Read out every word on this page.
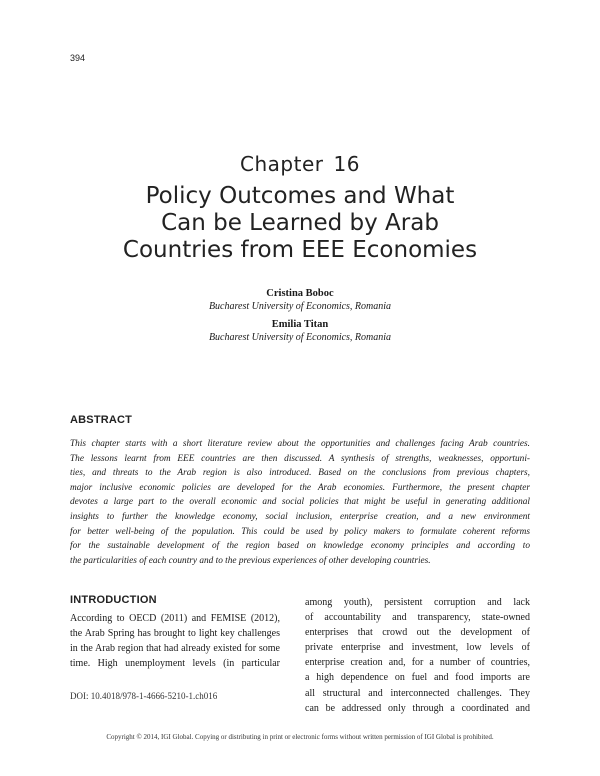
394
Chapter 16
Policy Outcomes and What
Can be Learned by Arab
Countries from EEE Economies
Cristina Boboc
Bucharest University of Economics, Romania
Emilia Titan
Bucharest University of Economics, Romania
ABSTRACT
This chapter starts with a short literature review about the opportunities and challenges facing Arab countries.
The lessons learnt from EEE countries are then discussed. A synthesis of strengths, weaknesses, opportuni-
ties, and threats to the Arab region is also introduced. Based on the conclusions from previous chapters,
major inclusive economic policies are developed for the Arab economies. Furthermore, the present chapter
devotes a large part to the overall economic and social policies that might be useful in generating additional
insights to further the knowledge economy, social inclusion, enterprise creation, and a new environment
for better well-being of the population. This could be used by policy makers to formulate coherent reforms
for the sustainable development of the region based on knowledge economy principles and according to
the particularities of each country and to the previous experiences of other developing countries.
INTRODUCTION
According to OECD (2011) and FEMISE (2012),
the Arab Spring has brought to light key challenges
in the Arab region that had already existed for some
time. High unemployment levels (in particular
among youth), persistent corruption and lack
of accountability and transparency, state-owned
enterprises that crowd out the development of
private enterprise and investment, low levels of
enterprise creation and, for a number of countries,
a high dependence on fuel and food imports are
all structural and interconnected challenges. They
can be addressed only through a coordinated and
DOI: 10.4018/978-1-4666-5210-1.ch016
Copyright © 2014, IGI Global. Copying or distributing in print or electronic forms without written permission of IGI Global is prohibited.
